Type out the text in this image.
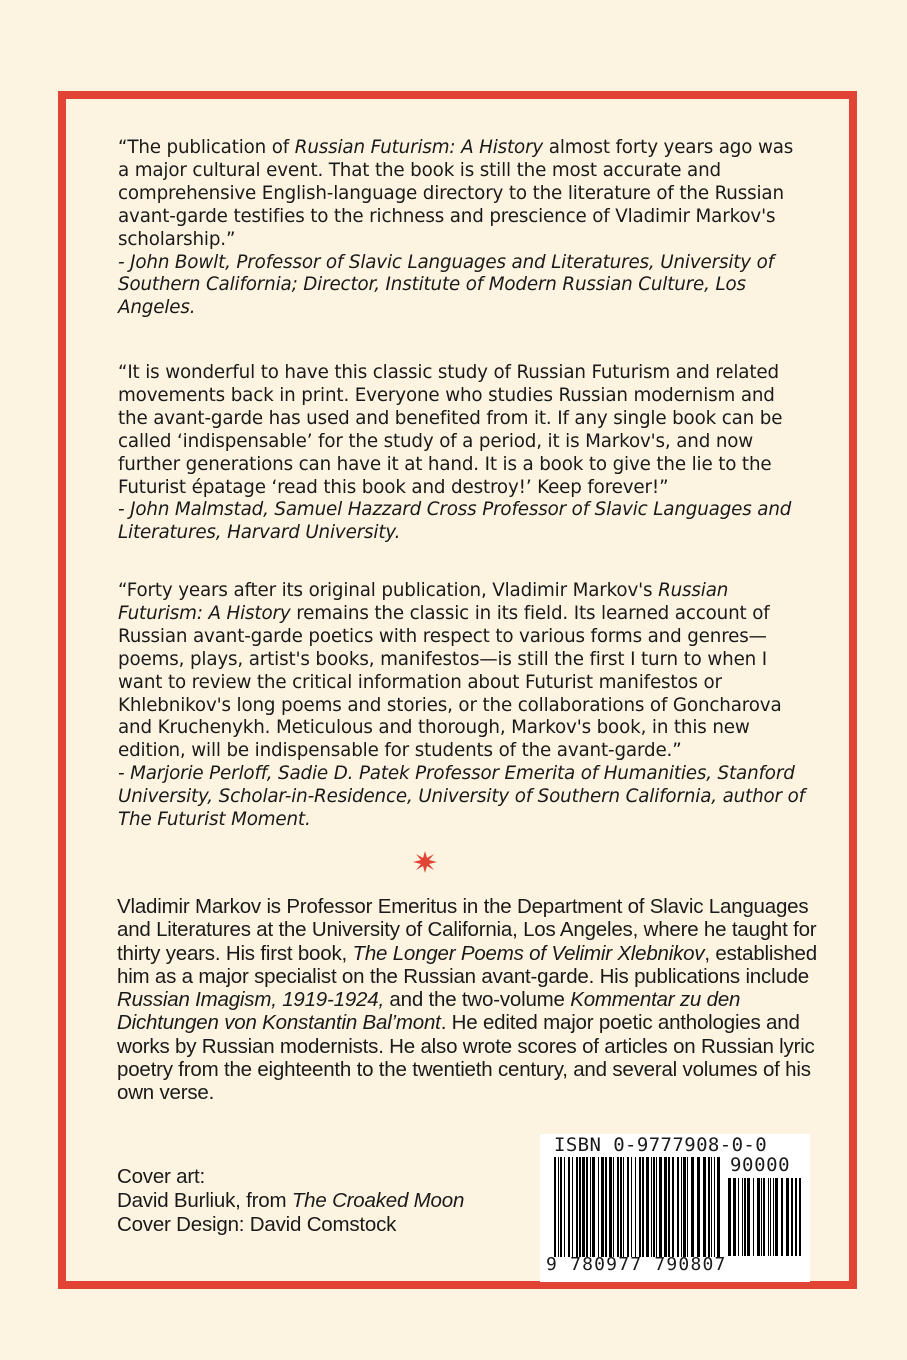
“The publication of Russian Futurism: A History almost forty years ago was a major cultural event. That the book is still the most accurate and comprehensive English-language directory to the literature of the Russian avant-garde testifies to the richness and prescience of Vladimir Markov's scholarship.”
- John Bowlt, Professor of Slavic Languages and Literatures, University of Southern California; Director, Institute of Modern Russian Culture, Los Angeles.
“It is wonderful to have this classic study of Russian Futurism and related movements back in print. Everyone who studies Russian modernism and the avant-garde has used and benefited from it. If any single book can be called ‘indispensable’ for the study of a period, it is Markov's, and now further generations can have it at hand. It is a book to give the lie to the Futurist épatage ‘read this book and destroy!’ Keep forever!”
- John Malmstad, Samuel Hazzard Cross Professor of Slavic Languages and Literatures, Harvard University.
“Forty years after its original publication, Vladimir Markov's Russian Futurism: A History remains the classic in its field. Its learned account of Russian avant-garde poetics with respect to various forms and genres—poems, plays, artist's books, manifestos—is still the first I turn to when I want to review the critical information about Futurist manifestos or Khlebnikov's long poems and stories, or the collaborations of Goncharova and Kruchenykh. Meticulous and thorough, Markov's book, in this new edition, will be indispensable for students of the avant-garde.”
- Marjorie Perloff, Sadie D. Patek Professor Emerita of Humanities, Stanford University, Scholar-in-Residence, University of Southern California, author of The Futurist Moment.
Vladimir Markov is Professor Emeritus in the Department of Slavic Languages and Literatures at the University of California, Los Angeles, where he taught for thirty years. His first book, The Longer Poems of Velimir Xlebnikov, established him as a major specialist on the Russian avant-garde. His publications include Russian Imagism, 1919-1924, and the two-volume Kommentar zu den Dichtungen von Konstantin Bal’mont. He edited major poetic anthologies and works by Russian modernists. He also wrote scores of articles on Russian lyric poetry from the eighteenth to the twentieth century, and several volumes of his own verse.
Cover art:
David Burliuk, from The Croaked Moon
Cover Design: David Comstock
ISBN 0-9777908-0-0
90000
9 780977 790807
